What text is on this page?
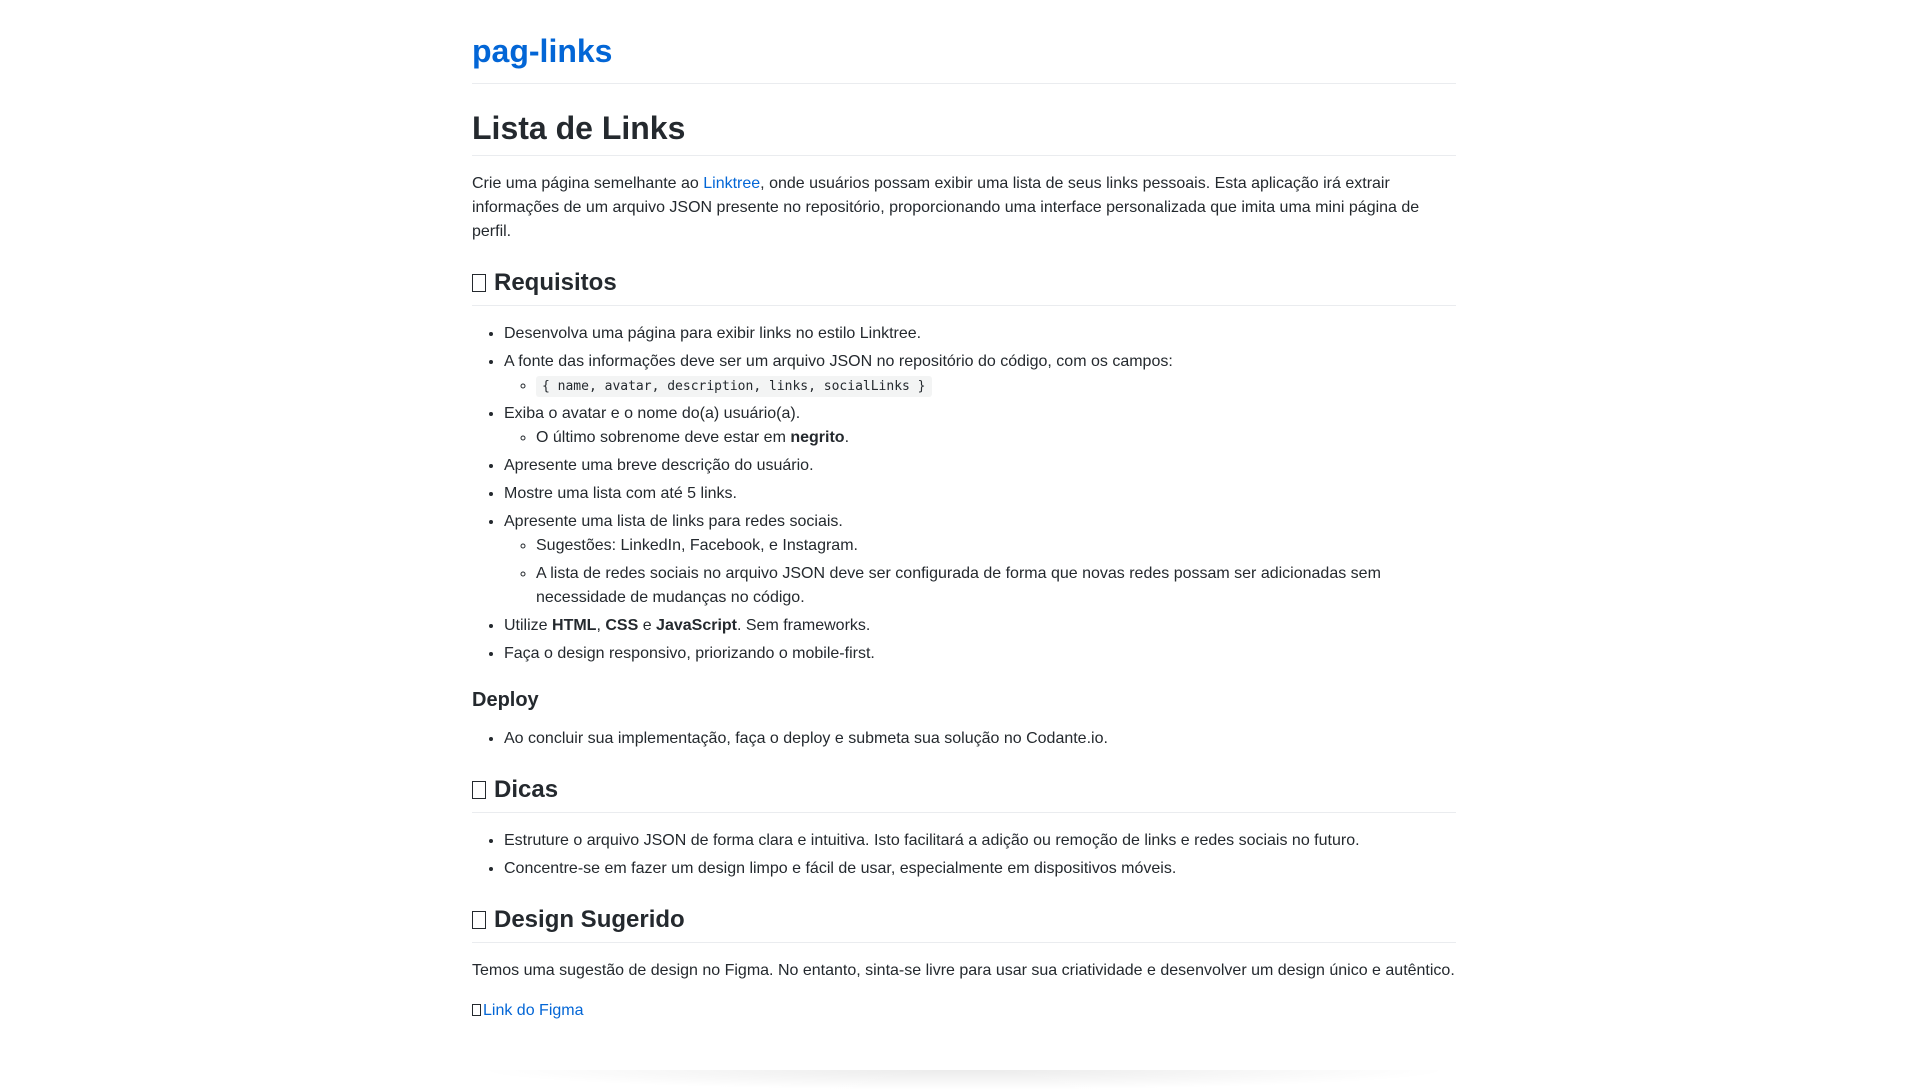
pag-links
Lista de Links

Crie uma página semelhante ao Linktree, onde usuários possam exibir uma lista de seus links pessoais. Esta aplicação irá extrair informações de um arquivo JSON presente no repositório, proporcionando uma interface personalizada que imita uma mini página de perfil.

Requisitos
• Desenvolva uma página para exibir links no estilo Linktree.
• A fonte das informações deve ser um arquivo JSON no repositório do código, com os campos:
◦ { name, avatar, description, links, socialLinks }
• Exiba o avatar e o nome do(a) usuário(a).
◦ O último sobrenome deve estar em negrito.
• Apresente uma breve descrição do usuário.
• Mostre uma lista com até 5 links.
• Apresente uma lista de links para redes sociais.
◦ Sugestões: LinkedIn, Facebook, e Instagram.
◦ A lista de redes sociais no arquivo JSON deve ser configurada de forma que novas redes possam ser adicionadas sem necessidade de mudanças no código.
• Utilize HTML, CSS e JavaScript. Sem frameworks.
• Faça o design responsivo, priorizando o mobile-first.
Deploy
• Ao concluir sua implementação, faça o deploy e submeta sua solução no Codante.io.
Dicas
• Estruture o arquivo JSON de forma clara e intuitiva. Isto facilitará a adição ou remoção de links e redes sociais no futuro.
• Concentre-se em fazer um design limpo e fácil de usar, especialmente em dispositivos móveis.
Design Sugerido

Temos uma sugestão de design no Figma. No entanto, sinta-se livre para usar sua criatividade e desenvolver um design único e autêntico.

Link do Figma
